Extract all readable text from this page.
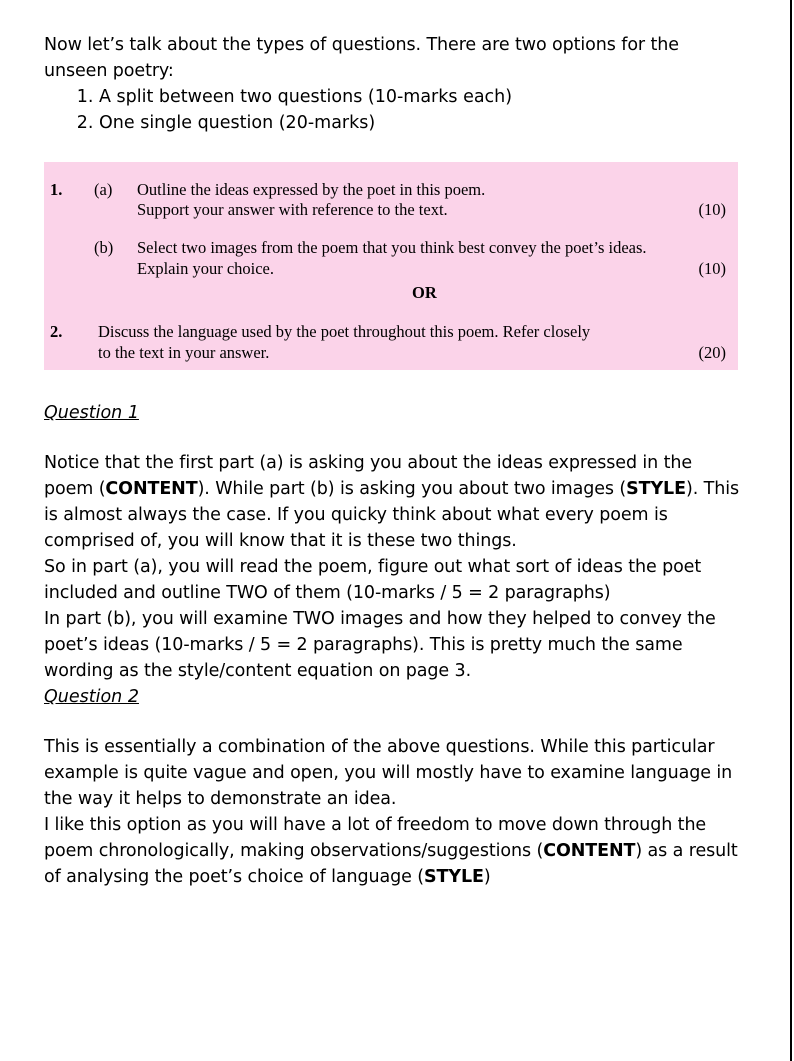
Now let’s talk about the types of questions. There are two options for the unseen poetry:

1. A split between two questions (10-marks each)
2. One single question (20-marks)
1. (a) Outline the ideas expressed by the poet in this poem.
Support your answer with reference to the text.	(10)
(b) Select two images from the poem that you think best convey the poet’s ideas.
Explain your choice.	(10)
OR
2. Discuss the language used by the poet throughout this poem. Refer closely
to the text in your answer.	(20)

Question 1

Notice that the first part (a) is asking you about the ideas expressed in the poem (CONTENT). While part (b) is asking you about two images (STYLE). This is almost always the case. If you quicky think about what every poem is comprised of, you will know that it is these two things.

So in part (a), you will read the poem, figure out what sort of ideas the poet included and outline TWO of them (10-marks / 5 = 2 paragraphs)

In part (b), you will examine TWO images and how they helped to convey the poet’s ideas (10-marks / 5 = 2 paragraphs). This is pretty much the same wording as the style/content equation on page 3.

Question 2

This is essentially a combination of the above questions. While this particular example is quite vague and open, you will mostly have to examine language in the way it helps to demonstrate an idea.

I like this option as you will have a lot of freedom to move down through the poem chronologically, making observations/suggestions (CONTENT) as a result of analysing the poet’s choice of language (STYLE)
